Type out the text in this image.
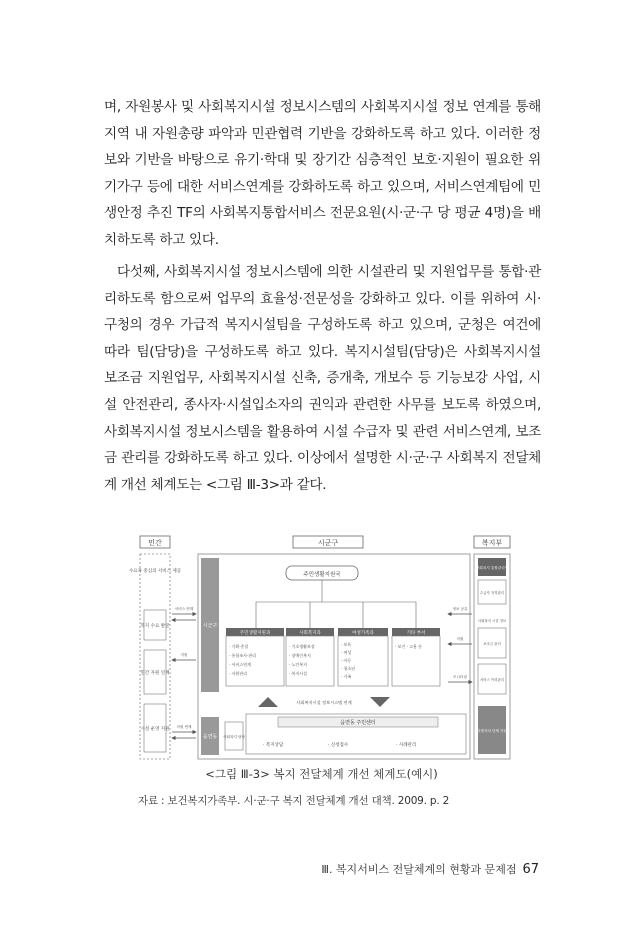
며, 자원봉사 및 사회복지시설 정보시스템의 사회복지시설 정보 연계를 통해 지역 내 자원총량 파악과 민관협력 기반을 강화하도록 하고 있다. 이러한 정보와 기반을 바탕으로 유기·학대 및 장기간 심층적인 보호·지원이 필요한 위기가구 등에 대한 서비스연계를 강화하도록 하고 있으며, 서비스연계팀에 민생안정 추진 TF의 사회복지통합서비스 전문요원(시·군·구 당 평균 4명)을 배치하도록 하고 있다.
다섯째, 사회복지시설 정보시스템에 의한 시설관리 및 지원업무를 통합·관리하도록 함으로써 업무의 효율성·전문성을 강화하고 있다. 이를 위하여 시·구청의 경우 가급적 복지시설팀을 구성하도록 하고 있으며, 군청은 여건에 따라 팀(담당)을 구성하도록 하고 있다. 복지시설팀(담당)은 사회복지시설 보조금 지원업무, 사회복지시설 신축, 증개축, 개보수 등 기능보강 사업, 시설 안전관리, 종사자·시설입소자의 권익과 관련한 사무를 보도록 하였으며, 사회복지시설 정보시스템을 활용하여 시설 수급자 및 관련 서비스연계, 보조금 관리를 강화하도록 하고 있다. 이상에서 설명한 시·군·구 사회복지 전달체계 개선 체계도는 <그림 Ⅲ-3>과 같다.
민간	시군구	복지부
수요자 중심의 서비스 제공
복지 수요 발굴
민간 자원 연계
시설 운영 지원
시군구
읍면동
주민생활지원국
주민생활지원과
· 기획·총괄
· 통합조사·관리
· 서비스연계
· 자원관리
사회복지과
· 기초생활보장
· 장애인복지
· 노인복지
· 복지시설
여성가족과
· 보육
· 여성
· 아동
· 청소년
· 가족
기타 부서
· 보건 · 고용 등
사회복지시설 정보시스템 연계
읍면동 주민센터
· 복지상담	· 신청접수	· 사례관리
사회복지 담당
사회복지 통합관리망
수급자 자격관리
보조금 관리
서비스 이력관리
지방자치 단체 지원
사회복지 시설 정보
서비스 연계
지원
자원 연계
정보 공유
지원
모니터링
<그림 Ⅲ-3> 복지 전달체계 개선 체계도(예시)
자료 : 보건복지가족부. 시·군·구 복지 전달체계 개선 대책. 2009. p. 2
Ⅲ. 복지서비스 전달체계의 현황과 문제점 67
